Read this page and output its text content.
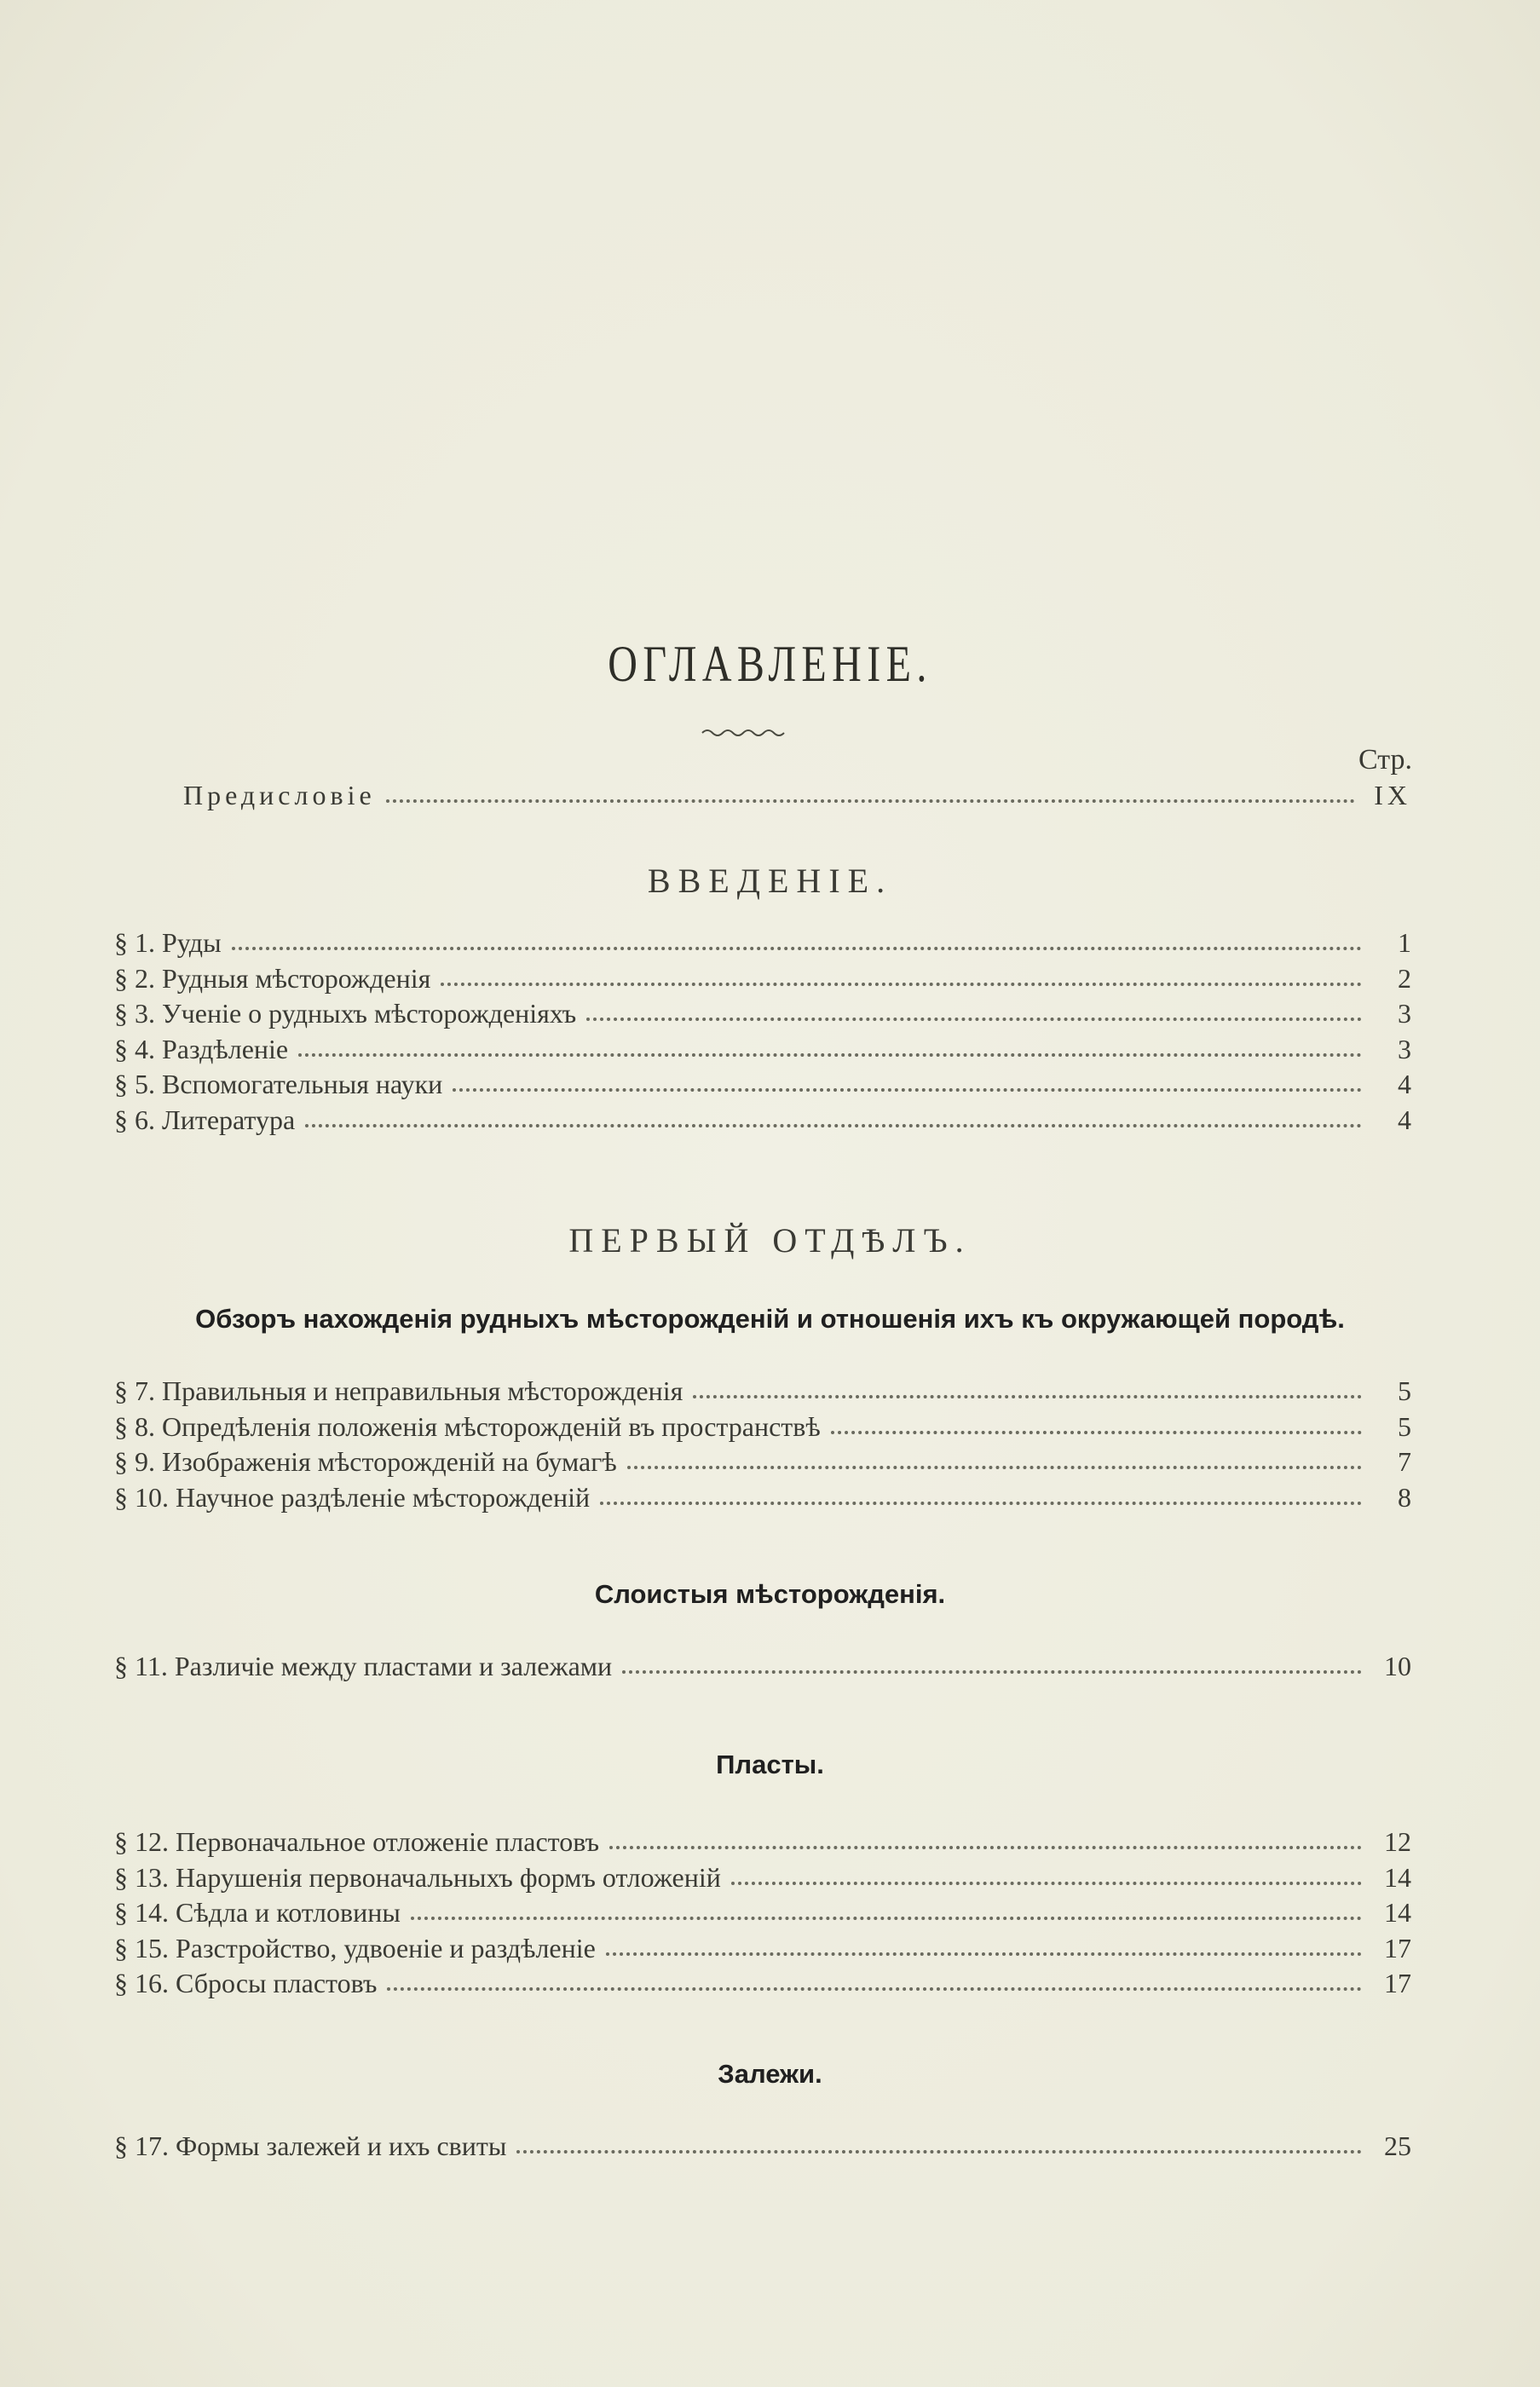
ОГЛАВЛЕНІЕ.
Стр.
Предисловіе	IX
ВВЕДЕНІЕ.
§ 1. Руды	1
§ 2. Рудныя мѣсторожденія	2
§ 3. Ученіе о рудныхъ мѣсторожденіяхъ	3
§ 4. Раздѣленіе	3
§ 5. Вспомогательныя науки	4
§ 6. Литература	4
ПЕРВЫЙ ОТДѢЛЪ.
Обзоръ нахожденія рудныхъ мѣсторожденій и отношенія ихъ къ окружающей породѣ.
§ 7. Правильныя и неправильныя мѣсторожденія	5
§ 8. Опредѣленія положенія мѣсторожденій въ пространствѣ	5
§ 9. Изображенія мѣсторожденій на бумагѣ	7
§ 10. Научное раздѣленіе мѣсторожденій	8
Слоистыя мѣсторожденія.
§ 11. Различіе между пластами и залежами	10
Пласты.
§ 12. Первоначальное отложеніе пластовъ	12
§ 13. Нарушенія первоначальныхъ формъ отложеній	14
§ 14. Сѣдла и котловины	14
§ 15. Разстройство, удвоеніе и раздѣленіе	17
§ 16. Сбросы пластовъ	17
Залежи.
§ 17. Формы залежей и ихъ свиты	25
